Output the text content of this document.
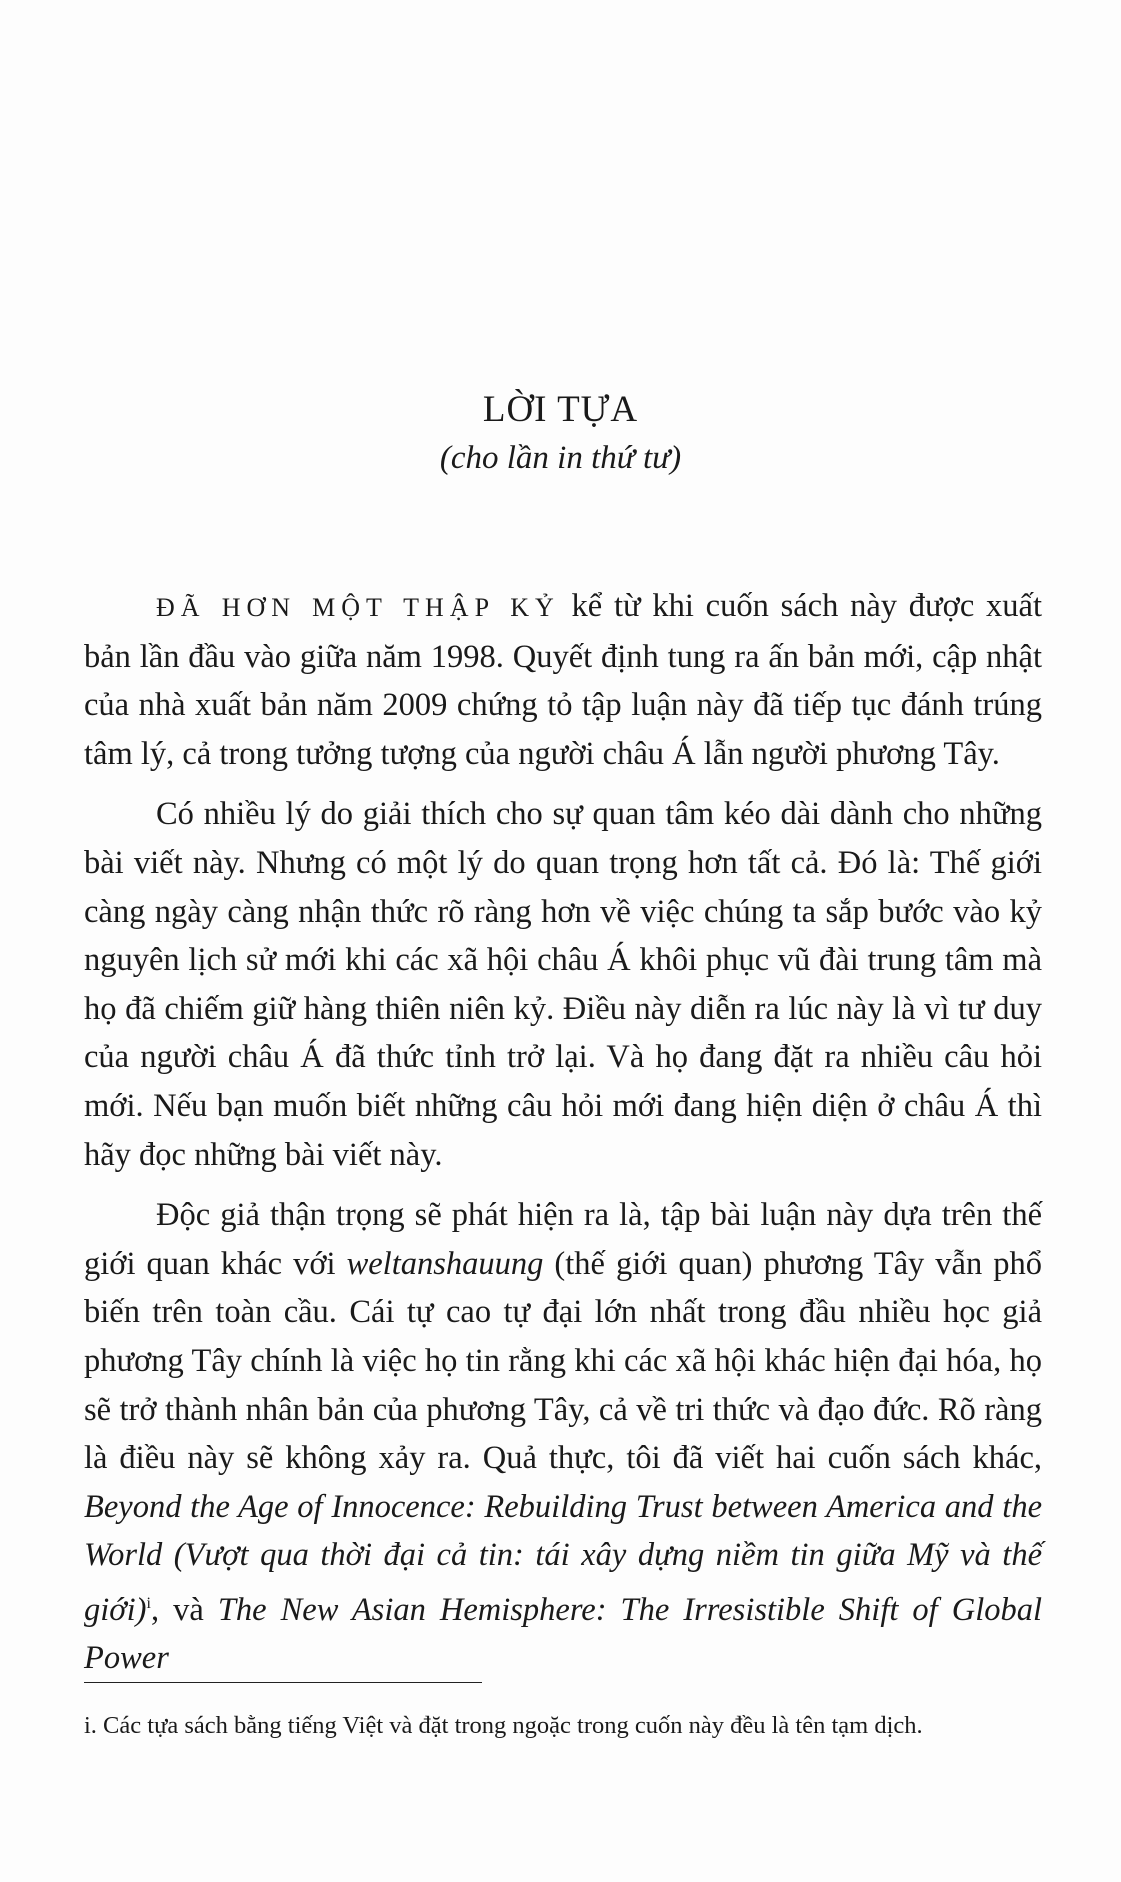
LỜI TỰA
(cho lần in thứ tư)

ĐÃ HƠN MỘT THẬP KỶ kể từ khi cuốn sách này được xuất bản lần đầu vào giữa năm 1998. Quyết định tung ra ấn bản mới, cập nhật của nhà xuất bản năm 2009 chứng tỏ tập luận này đã tiếp tục đánh trúng tâm lý, cả trong tưởng tượng của người châu Á lẫn người phương Tây.

Có nhiều lý do giải thích cho sự quan tâm kéo dài dành cho những bài viết này. Nhưng có một lý do quan trọng hơn tất cả. Đó là: Thế giới càng ngày càng nhận thức rõ ràng hơn về việc chúng ta sắp bước vào kỷ nguyên lịch sử mới khi các xã hội châu Á khôi phục vũ đài trung tâm mà họ đã chiếm giữ hàng thiên niên kỷ. Điều này diễn ra lúc này là vì tư duy của người châu Á đã thức tỉnh trở lại. Và họ đang đặt ra nhiều câu hỏi mới. Nếu bạn muốn biết những câu hỏi mới đang hiện diện ở châu Á thì hãy đọc những bài viết này.

Độc giả thận trọng sẽ phát hiện ra là, tập bài luận này dựa trên thế giới quan khác với weltanshauung (thế giới quan) phương Tây vẫn phổ biến trên toàn cầu. Cái tự cao tự đại lớn nhất trong đầu nhiều học giả phương Tây chính là việc họ tin rằng khi các xã hội khác hiện đại hóa, họ sẽ trở thành nhân bản của phương Tây, cả về tri thức và đạo đức. Rõ ràng là điều này sẽ không xảy ra. Quả thực, tôi đã viết hai cuốn sách khác, Beyond the Age of Innocence: Rebuilding Trust between America and the World (Vượt qua thời đại cả tin: tái xây dựng niềm tin giữa Mỹ và thế giới)$^i$, và The New Asian Hemisphere: The Irresistible Shift of Global Power

i. Các tựa sách bằng tiếng Việt và đặt trong ngoặc trong cuốn này đều là tên tạm dịch.
